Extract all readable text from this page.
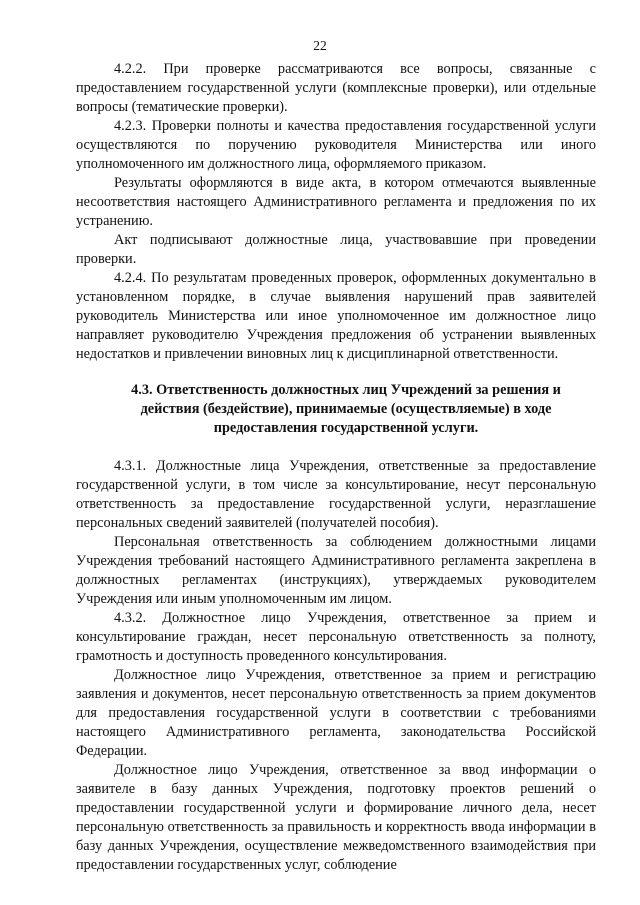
22

4.2.2. При проверке рассматриваются все вопросы, связанные с предоставлением государственной услуги (комплексные проверки), или отдельные вопросы (тематические проверки).

4.2.3. Проверки полноты и качества предоставления государственной услуги осуществляются по поручению руководителя Министерства или иного уполномоченного им должностного лица, оформляемого приказом.

Результаты оформляются в виде акта, в котором отмечаются выявленные несоответствия настоящего Административного регламента и предложения по их устранению.

Акт подписывают должностные лица, участвовавшие при проведении проверки.

4.2.4. По результатам проведенных проверок, оформленных документально в установленном порядке, в случае выявления нарушений прав заявителей руководитель Министерства или иное уполномоченное им должностное лицо направляет руководителю Учреждения предложения об устранении выявленных недостатков и привлечении виновных лиц к дисциплинарной ответственности.

4.3. Ответственность должностных лиц Учреждений за решения и действия (бездействие), принимаемые (осуществляемые) в ходе предоставления государственной услуги.

4.3.1. Должностные лица Учреждения, ответственные за предоставление государственной услуги, в том числе за консультирование, несут персональную ответственность за предоставление государственной услуги, неразглашение персональных сведений заявителей (получателей пособия).

Персональная ответственность за соблюдением должностными лицами Учреждения требований настоящего Административного регламента закреплена в должностных регламентах (инструкциях), утверждаемых руководителем Учреждения или иным уполномоченным им лицом.

4.3.2. Должностное лицо Учреждения, ответственное за прием и консультирование граждан, несет персональную ответственность за полноту, грамотность и доступность проведенного консультирования.

Должностное лицо Учреждения, ответственное за прием и регистрацию заявления и документов, несет персональную ответственность за прием документов для предоставления государственной услуги в соответствии с требованиями настоящего Административного регламента, законодательства Российской Федерации.

Должностное лицо Учреждения, ответственное за ввод информации о заявителе в базу данных Учреждения, подготовку проектов решений о предоставлении государственной услуги и формирование личного дела, несет персональную ответственность за правильность и корректность ввода информации в базу данных Учреждения, осуществление межведомственного взаимодействия при предоставлении государственных услуг, соблюдение
